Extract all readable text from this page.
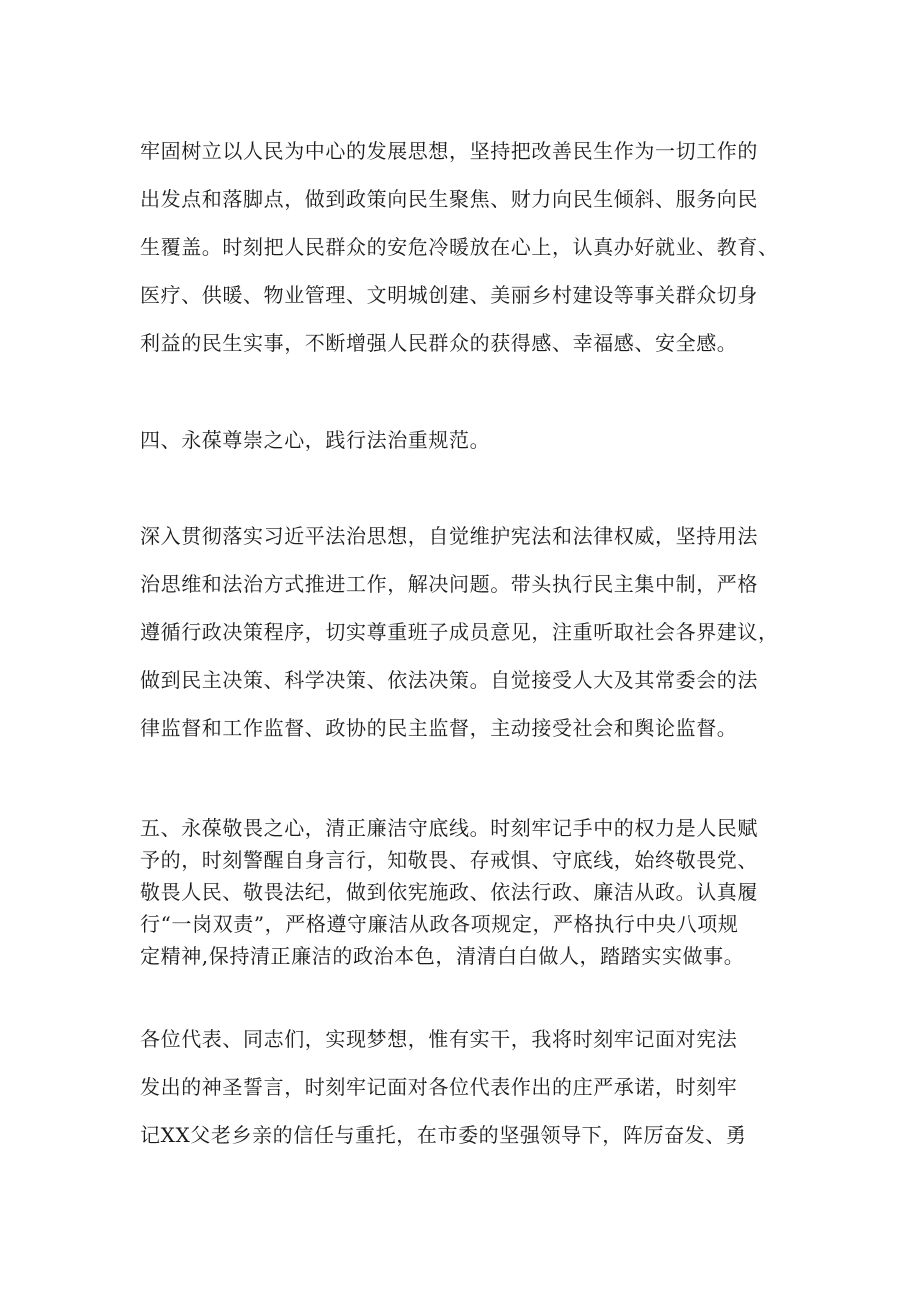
牢固树立以人民为中心的发展思想，坚持把改善民生作为一切工作的
出发点和落脚点，做到政策向民生聚焦、财力向民生倾斜、服务向民
生覆盖。时刻把人民群众的安危冷暖放在心上，认真办好就业、教育、
医疗、供暖、物业管理、文明城创建、美丽乡村建设等事关群众切身
利益的民生实事，不断增强人民群众的获得感、幸福感、安全感。
四、永葆尊崇之心，践行法治重规范。
深入贯彻落实习近平法治思想，自觉维护宪法和法律权威，坚持用法
治思维和法治方式推进工作，解决问题。带头执行民主集中制，严格
遵循行政决策程序，切实尊重班子成员意见，注重听取社会各界建议，
做到民主决策、科学决策、依法决策。自觉接受人大及其常委会的法
律监督和工作监督、政协的民主监督，主动接受社会和舆论监督。
五、永葆敬畏之心，清正廉洁守底线。时刻牢记手中的权力是人民赋
予的，时刻警醒自身言行，知敬畏、存戒惧、守底线，始终敬畏党、
敬畏人民、敬畏法纪，做到依宪施政、依法行政、廉洁从政。认真履
行“一岗双责”，严格遵守廉洁从政各项规定，严格执行中央八项规
定精神,保持清正廉洁的政治本色，清清白白做人，踏踏实实做事。
各位代表、同志们，实现梦想，惟有实干，我将时刻牢记面对宪法
发出的神圣誓言，时刻牢记面对各位代表作出的庄严承诺，时刻牢
记XX父老乡亲的信任与重托，在市委的坚强领导下，阵厉奋发、勇
